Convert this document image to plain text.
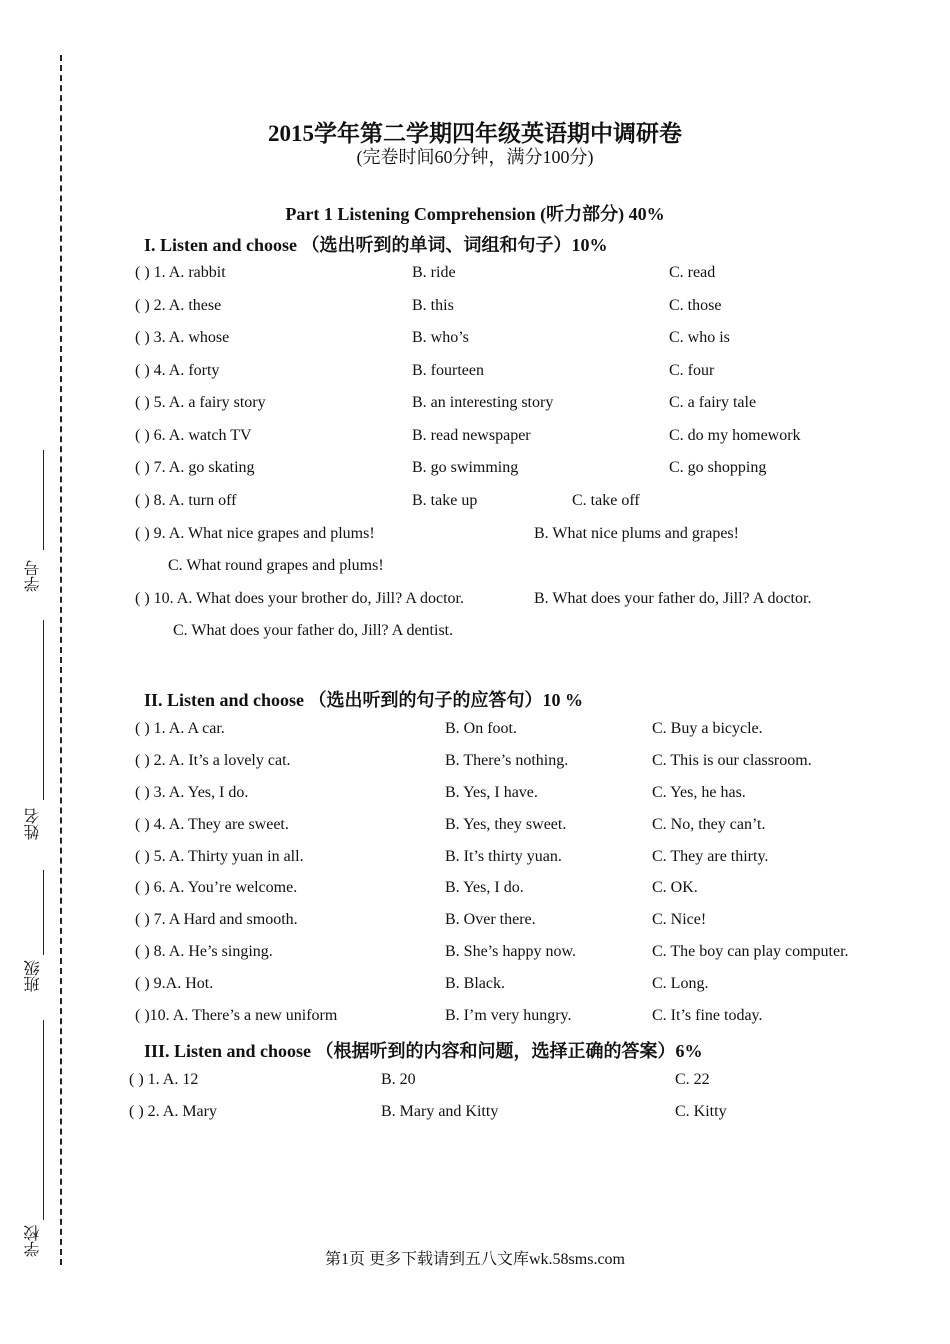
学号
姓名
班级
学校
2015学年第二学期四年级英语期中调研卷
(完卷时间60分钟，满分100分)
Part 1 Listening Comprehension (听力部分) 40%
I. Listen and choose （选出听到的单词、词组和句子）10%
( ) 1. A. rabbit	B. ride	C. read
( ) 2. A. these	B. this	C. those
( ) 3. A. whose	B. who’s	C. who is
( ) 4. A. forty	B. fourteen	C. four
( ) 5. A. a fairy story	B. an interesting story	C. a fairy tale
( ) 6. A. watch TV	B. read newspaper	C. do my homework
( ) 7. A. go skating	B. go swimming	C. go shopping
( ) 8. A. turn off	B. take up	C. take off
( ) 9. A. What nice grapes and plums!	B. What nice plums and grapes!
C. What round grapes and plums!
( ) 10. A. What does your brother do, Jill? A doctor.	B. What does your father do, Jill? A doctor.
C. What does your father do, Jill? A dentist.
II. Listen and choose （选出听到的句子的应答句）10 %
( ) 1. A. A car.	B. On foot.	C. Buy a bicycle.
( ) 2. A. It’s a lovely cat.	B. There’s nothing.	C. This is our classroom.
( ) 3. A. Yes, I do.	B. Yes, I have.	C. Yes, he has.
( ) 4. A. They are sweet.	B. Yes, they sweet.	C. No, they can’t.
( ) 5. A. Thirty yuan in all.	B. It’s thirty yuan.	C. They are thirty.
( ) 6. A. You’re welcome.	B. Yes, I do.	C. OK.
( ) 7. A Hard and smooth.	B. Over there.	C. Nice!
( ) 8. A. He’s singing.	B. She’s happy now.	C. The boy can play computer.
( ) 9.A. Hot.	B. Black.	C. Long.
( )10. A. There’s a new uniform	B. I’m very hungry.	C. It’s fine today.
III. Listen and choose （根据听到的内容和问题，选择正确的答案）6%
( ) 1. A. 12	B. 20	C. 22
( ) 2. A. Mary	B. Mary and Kitty	C. Kitty
第1页 更多下载请到五八文库wk.58sms.com
